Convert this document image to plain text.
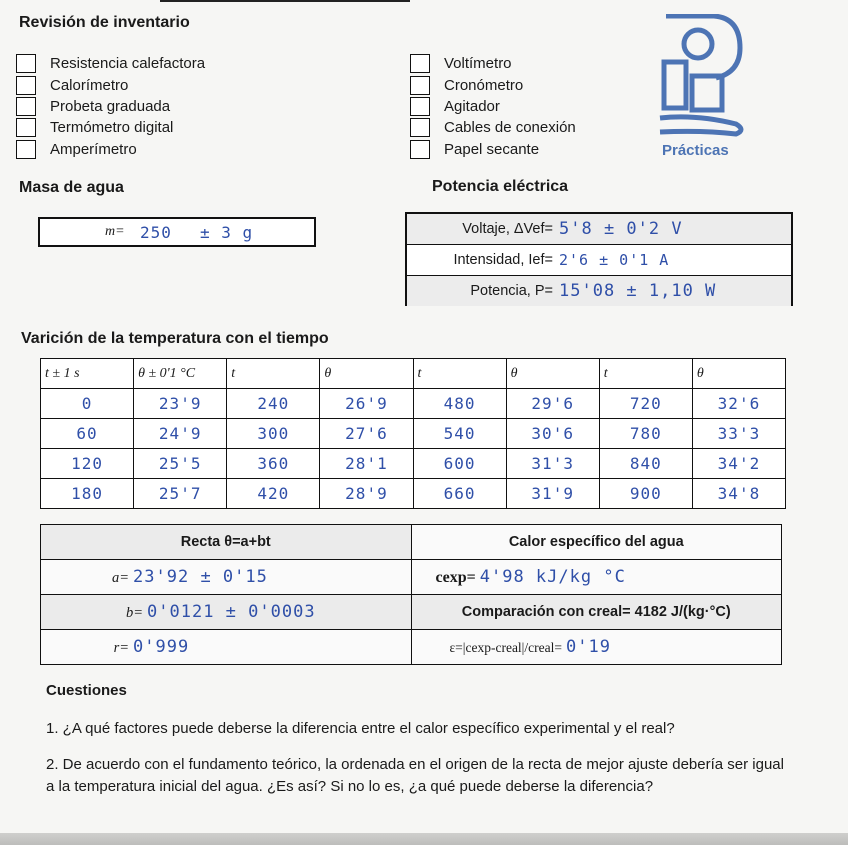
Revisión de inventario
Resistencia calefactora
Calorímetro
Probeta graduada
Termómetro digital
Amperímetro
Voltímetro
Cronómetro
Agitador
Cables de conexión
Papel secante	Prácticas
Masa de agua	Potencia eléctrica
m= 250 ± 3 g	Voltaje, ΔVef= 5'8 ± 0'2 V
Intensidad, Ief= 2'6 ± 0'1 A
Potencia, P= 15'08 ± 1,10 W
Varición de la temperatura con el tiempo
t ± 1 s	θ ± 0'1 °C	t	θ	t	θ	t	θ
0	23'9	240	26'9	480	29'6	720	32'6
60	24'9	300	27'6	540	30'6	780	33'3
120	25'5	360	28'1	600	31'3	840	34'2
180	25'7	420	28'9	660	31'9	900	34'8
Recta θ=a+bt	Calor específico del agua
a= 23'92 ± 0'15	cexp= 4'98 kJ/kg °C
b= 0'0121 ± 0'0003	Comparación con creal= 4182 J/(kg·°C)
r= 0'999	ε=|cexp-creal|/creal= 0'19
Cuestiones
1. ¿A qué factores puede deberse la diferencia entre el calor específico experimental y el real?
2. De acuerdo con el fundamento teórico, la ordenada en el origen de la recta de mejor ajuste debería ser igual a la temperatura inicial del agua. ¿Es así? Si no lo es, ¿a qué puede deberse la diferencia?
